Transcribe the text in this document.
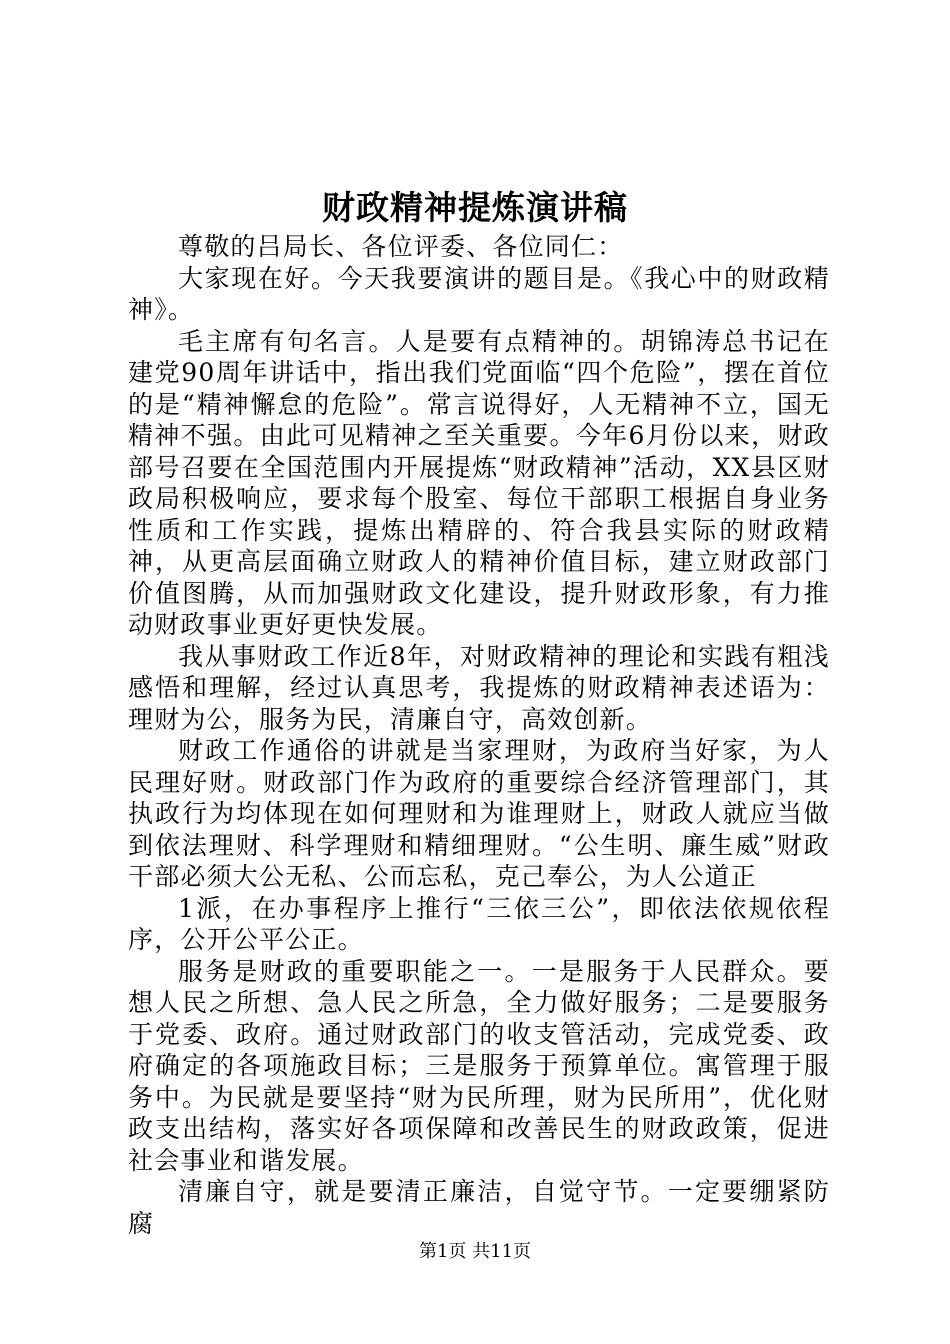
财政精神提炼演讲稿

尊敬的吕局长、各位评委、各位同仁：

大家现在好。今天我要演讲的题目是。《我心中的财政精神》。

毛主席有句名言。人是要有点精神的。胡锦涛总书记在建党90周年讲话中，指出我们党面临“四个危险”，摆在首位的是“精神懈怠的危险”。常言说得好，人无精神不立，国无精神不强。由此可见精神之至关重要。今年6月份以来，财政部号召要在全国范围内开展提炼“财政精神”活动，XX县区财政局积极响应，要求每个股室、每位干部职工根据自身业务性质和工作实践，提炼出精辟的、符合我县实际的财政精神，从更高层面确立财政人的精神价值目标，建立财政部门价值图腾，从而加强财政文化建设，提升财政形象，有力推动财政事业更好更快发展。

我从事财政工作近8年，对财政精神的理论和实践有粗浅感悟和理解，经过认真思考，我提炼的财政精神表述语为：理财为公，服务为民，清廉自守，高效创新。

财政工作通俗的讲就是当家理财，为政府当好家，为人民理好财。财政部门作为政府的重要综合经济管理部门，其执政行为均体现在如何理财和为谁理财上，财政人就应当做到依法理财、科学理财和精细理财。“公生明、廉生威”财政干部必须大公无私、公而忘私，克己奉公，为人公道正

1派，在办事程序上推行“三依三公”，即依法依规依程序，公开公平公正。

服务是财政的重要职能之一。一是服务于人民群众。要想人民之所想、急人民之所急，全力做好服务；二是要服务于党委、政府。通过财政部门的收支管活动，完成党委、政府确定的各项施政目标；三是服务于预算单位。寓管理于服务中。为民就是要坚持“财为民所理，财为民所用”，优化财政支出结构，落实好各项保障和改善民生的财政政策，促进社会事业和谐发展。

清廉自守，就是要清正廉洁，自觉守节。一定要绷紧防腐

第1页 共11页
